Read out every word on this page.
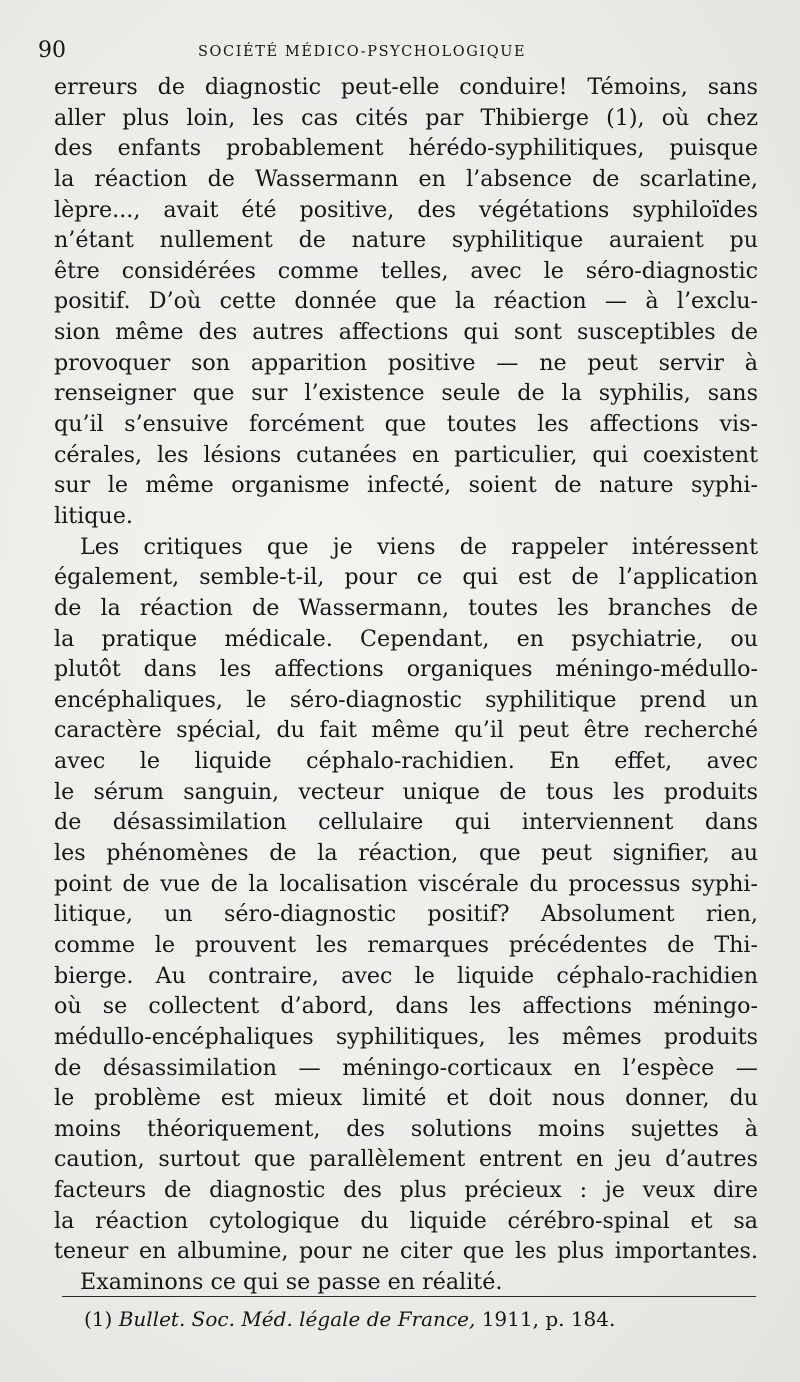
90	SOCIÉTÉ MÉDICO-PSYCHOLOGIQUE
erreurs de diagnostic peut-elle conduire! Témoins, sans
aller plus loin, les cas cités par Thibierge (1), où chez
des enfants probablement hérédo-syphilitiques, puisque
la réaction de Wassermann en l’absence de scarlatine,
lèpre..., avait été positive, des végétations syphiloïdes
n’étant nullement de nature syphilitique auraient pu
être considérées comme telles, avec le séro-diagnostic
positif. D’où cette donnée que la réaction — à l’exclu-
sion même des autres affections qui sont susceptibles de
provoquer son apparition positive — ne peut servir à
renseigner que sur l’existence seule de la syphilis, sans
qu’il s’ensuive forcément que toutes les affections vis-
cérales, les lésions cutanées en particulier, qui coexistent
sur le même organisme infecté, soient de nature syphi-
litique.
Les critiques que je viens de rappeler intéressent
également, semble-t-il, pour ce qui est de l’application
de la réaction de Wassermann, toutes les branches de
la pratique médicale. Cependant, en psychiatrie, ou
plutôt dans les affections organiques méningo-médullo-
encéphaliques, le séro-diagnostic syphilitique prend un
caractère spécial, du fait même qu’il peut être recherché
avec le liquide céphalo-rachidien. En effet, avec
le sérum sanguin, vecteur unique de tous les produits
de désassimilation cellulaire qui interviennent dans
les phénomènes de la réaction, que peut signifier, au
point de vue de la localisation viscérale du processus syphi-
litique, un séro-diagnostic positif? Absolument rien,
comme le prouvent les remarques précédentes de Thi-
bierge. Au contraire, avec le liquide céphalo-rachidien
où se collectent d’abord, dans les affections méningo-
médullo-encéphaliques syphilitiques, les mêmes produits
de désassimilation — méningo-corticaux en l’espèce —
le problème est mieux limité et doit nous donner, du
moins théoriquement, des solutions moins sujettes à
caution, surtout que parallèlement entrent en jeu d’autres
facteurs de diagnostic des plus précieux : je veux dire
la réaction cytologique du liquide cérébro-spinal et sa
teneur en albumine, pour ne citer que les plus importantes.
Examinons ce qui se passe en réalité.
(1) Bullet. Soc. Méd. légale de France, 1911, p. 184.
